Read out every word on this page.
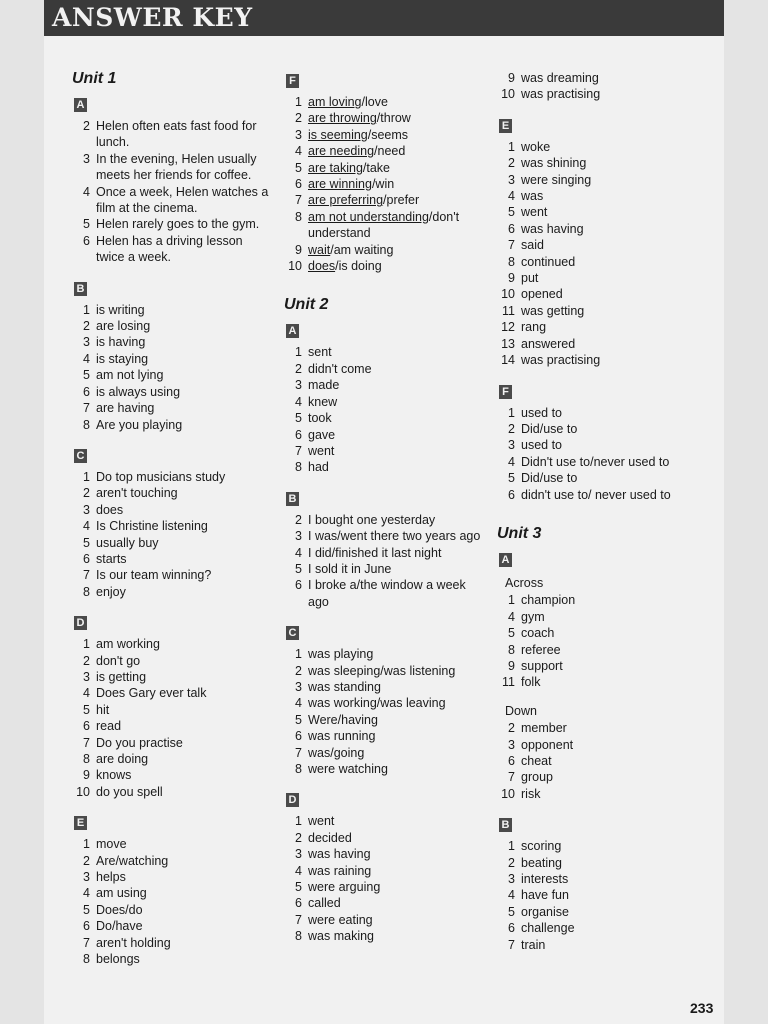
ANSWER KEY
Unit 1
A
2 Helen often eats fast food for lunch.
3 In the evening, Helen usually meets her friends for coffee.
4 Once a week, Helen watches a film at the cinema.
5 Helen rarely goes to the gym.
6 Helen has a driving lesson twice a week.
B
1 is writing
2 are losing
3 is having
4 is staying
5 am not lying
6 is always using
7 are having
8 Are you playing
C
1 Do top musicians study
2 aren't touching
3 does
4 Is Christine listening
5 usually buy
6 starts
7 Is our team winning?
8 enjoy
D
1 am working
2 don't go
3 is getting
4 Does Gary ever talk
5 hit
6 read
7 Do you practise
8 are doing
9 knows
10 do you spell
E
1 move
2 Are/watching
3 helps
4 am using
5 Does/do
6 Do/have
7 aren't holding
8 belongs
F
1 am loving/love
2 are throwing/throw
3 is seeming/seems
4 are needing/need
5 are taking/take
6 are winning/win
7 are preferring/prefer
8 am not understanding/don't understand
9 wait/am waiting
10 does/is doing
Unit 2
A
1 sent
2 didn't come
3 made
4 knew
5 took
6 gave
7 went
8 had
B
2 I bought one yesterday
3 I was/went there two years ago
4 I did/finished it last night
5 I sold it in June
6 I broke a/the window a week ago
C
1 was playing
2 was sleeping/was listening
3 was standing
4 was working/was leaving
5 Were/having
6 was running
7 was/going
8 were watching
D
1 went
2 decided
3 was having
4 was raining
5 were arguing
6 called
7 were eating
8 was making
9 was dreaming
10 was practising
E
1 woke
2 was shining
3 were singing
4 was
5 went
6 was having
7 said
8 continued
9 put
10 opened
11 was getting
12 rang
13 answered
14 was practising
F
1 used to
2 Did/use to
3 used to
4 Didn't use to/never used to
5 Did/use to
6 didn't use to/ never used to
Unit 3
A
Across
1 champion
4 gym
5 coach
8 referee
9 support
11 folk
Down
2 member
3 opponent
6 cheat
7 group
10 risk
B
1 scoring
2 beating
3 interests
4 have fun
5 organise
6 challenge
7 train
233
